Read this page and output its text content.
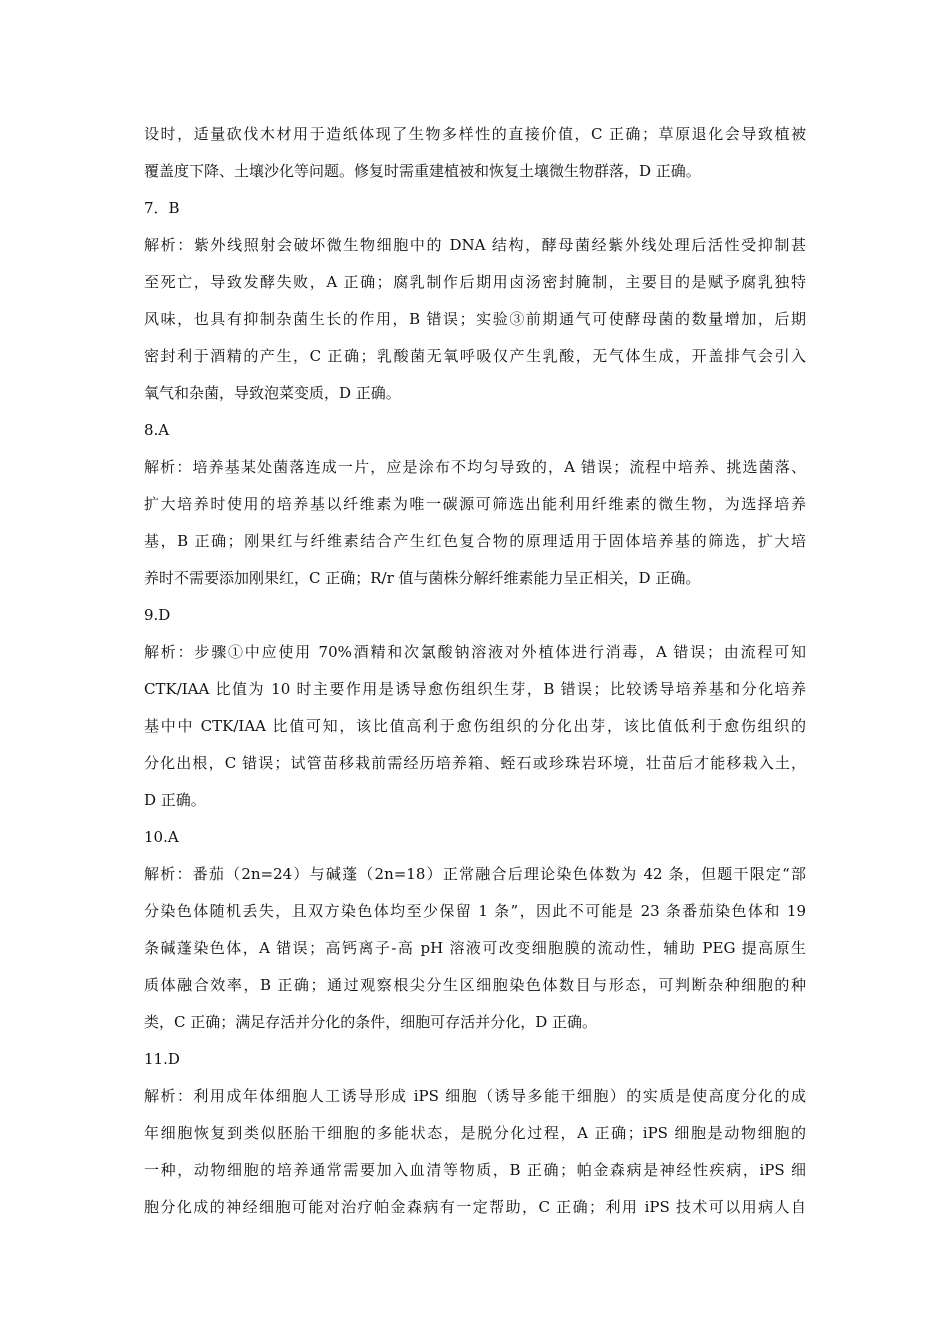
设时，适量砍伐木材用于造纸体现了生物多样性的直接价值，C 正确；草原退化会导致植被
覆盖度下降、土壤沙化等问题。修复时需重建植被和恢复土壤微生物群落，D 正确。
7．B
解析：紫外线照射会破坏微生物细胞中的 DNA 结构，酵母菌经紫外线处理后活性受抑制甚
至死亡，导致发酵失败，A 正确；腐乳制作后期用卤汤密封腌制，主要目的是赋予腐乳独特
风味，也具有抑制杂菌生长的作用，B 错误；实验③前期通气可使酵母菌的数量增加，后期
密封利于酒精的产生，C 正确；乳酸菌无氧呼吸仅产生乳酸，无气体生成，开盖排气会引入
氧气和杂菌，导致泡菜变质，D 正确。
8.A
解析：培养基某处菌落连成一片，应是涂布不均匀导致的，A 错误；流程中培养、挑选菌落、
扩大培养时使用的培养基以纤维素为唯一碳源可筛选出能利用纤维素的微生物，为选择培养
基，B 正确；刚果红与纤维素结合产生红色复合物的原理适用于固体培养基的筛选，扩大培
养时不需要添加刚果红，C 正确；R/r 值与菌株分解纤维素能力呈正相关，D 正确。
9.D
解析：步骤①中应使用 70%酒精和次氯酸钠溶液对外植体进行消毒，A 错误；由流程可知
CTK/IAA 比值为 10 时主要作用是诱导愈伤组织生芽，B 错误；比较诱导培养基和分化培养
基中中 CTK/IAA 比值可知，该比值高利于愈伤组织的分化出芽，该比值低利于愈伤组织的
分化出根，C 错误；试管苗移栽前需经历培养箱、蛭石或珍珠岩环境，壮苗后才能移栽入土，
D 正确。
10.A
解析：番茄（2n=24）与碱蓬（2n=18）正常融合后理论染色体数为 42 条，但题干限定“部
分染色体随机丢失，且双方染色体均至少保留 1 条”，因此不可能是 23 条番茄染色体和 19
条碱蓬染色体，A 错误；高钙离子-高 pH 溶液可改变细胞膜的流动性，辅助 PEG 提高原生
质体融合效率，B 正确；通过观察根尖分生区细胞染色体数目与形态，可判断杂种细胞的种
类，C 正确；满足存活并分化的条件，细胞可存活并分化，D 正确。
11.D
解析：利用成年体细胞人工诱导形成 iPS 细胞（诱导多能干细胞）的实质是使高度分化的成
年细胞恢复到类似胚胎干细胞的多能状态，是脱分化过程，A 正确；iPS 细胞是动物细胞的
一种，动物细胞的培养通常需要加入血清等物质，B 正确；帕金森病是神经性疾病，iPS 细
胞分化成的神经细胞可能对治疗帕金森病有一定帮助，C 正确；利用 iPS 技术可以用病人自
